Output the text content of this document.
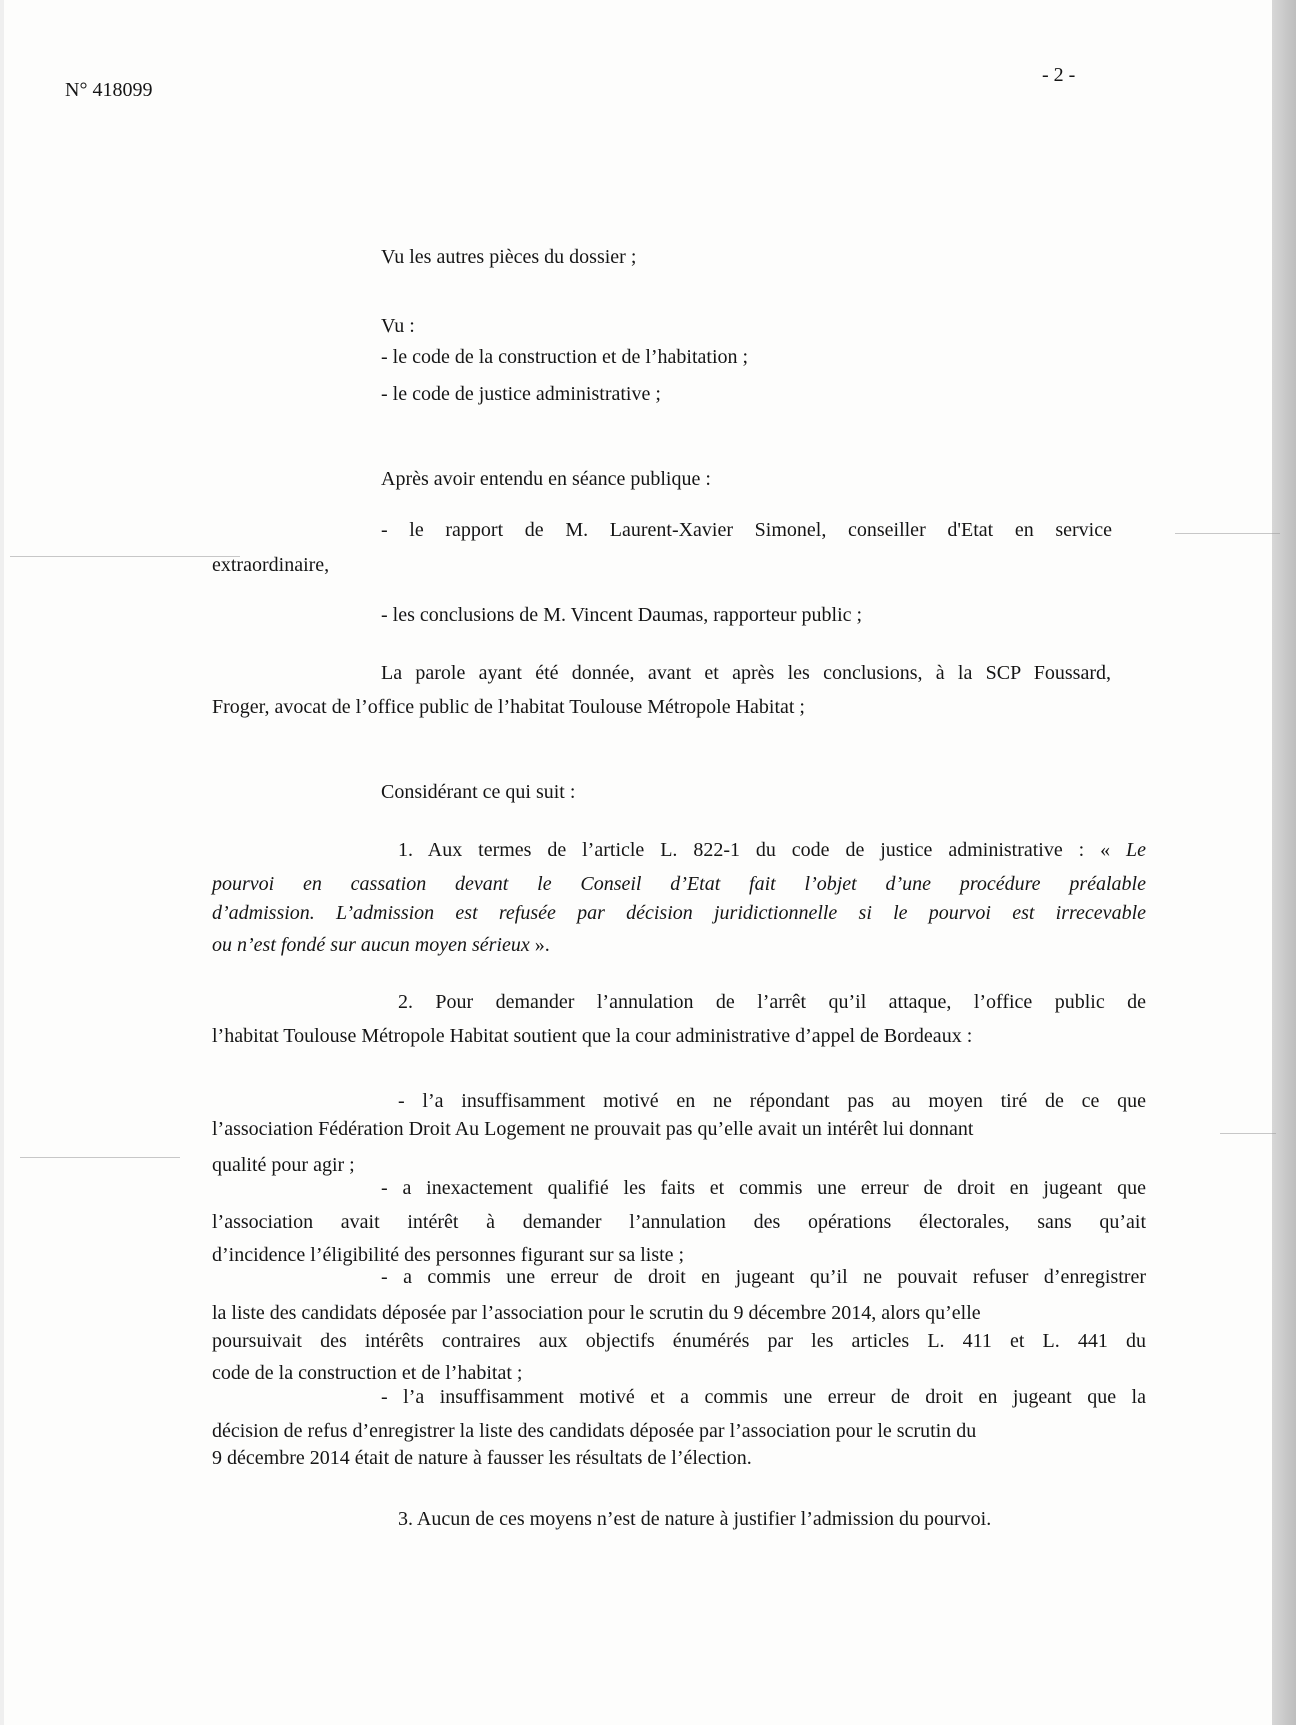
N° 418099
- 2 -
Vu les autres pièces du dossier ;
Vu :
- le code de la construction et de l’habitation ;
- le code de justice administrative ;
Après avoir entendu en séance publique :
- le rapport de M. Laurent-Xavier Simonel, conseiller d'Etat en service
extraordinaire,
- les conclusions de M. Vincent Daumas, rapporteur public ;
La parole ayant été donnée, avant et après les conclusions, à la SCP Foussard,
Froger, avocat de l’office public de l’habitat Toulouse Métropole Habitat ;
Considérant ce qui suit :
1. Aux termes de l’article L. 822-1 du code de justice administrative : « Le
pourvoi en cassation devant le Conseil d’Etat fait l’objet d’une procédure préalable
d’admission. L’admission est refusée par décision juridictionnelle si le pourvoi est irrecevable
ou n’est fondé sur aucun moyen sérieux ».
2. Pour demander l’annulation de l’arrêt qu’il attaque, l’office public de
l’habitat Toulouse Métropole Habitat soutient que la cour administrative d’appel de Bordeaux :
- l’a insuffisamment motivé en ne répondant pas au moyen tiré de ce que
l’association Fédération Droit Au Logement ne prouvait pas qu’elle avait un intérêt lui donnant
qualité pour agir ;
- a inexactement qualifié les faits et commis une erreur de droit en jugeant que
l’association avait intérêt à demander l’annulation des opérations électorales, sans qu’ait
d’incidence l’éligibilité des personnes figurant sur sa liste ;
- a commis une erreur de droit en jugeant qu’il ne pouvait refuser d’enregistrer
la liste des candidats déposée par l’association pour le scrutin du 9 décembre 2014, alors qu’elle
poursuivait des intérêts contraires aux objectifs énumérés par les articles L. 411 et L. 441 du
code de la construction et de l’habitat ;
- l’a insuffisamment motivé et a commis une erreur de droit en jugeant que la
décision de refus d’enregistrer la liste des candidats déposée par l’association pour le scrutin du
9 décembre 2014 était de nature à fausser les résultats de l’élection.
3. Aucun de ces moyens n’est de nature à justifier l’admission du pourvoi.
